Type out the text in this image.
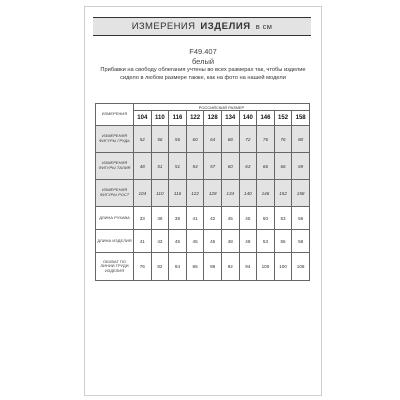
ИЗМЕРЕНИЯ ИЗДЕЛИЯ в см
F49.407
белый
Прибавки на свободу облегания учтены во всех размерах так, чтобы изделие сидело в любом размере также, как на фото на нашей модели
ИЗМЕРЕНИЯ	РОССИЙСКИЙ РАЗМЕР									
	104	110	116	122	128	134	140	146	152	158
ИЗМЕРЕНИЯ ФИГУРЫ ГРУДЬ	52	56	56	60	64	68	72	76	76	80
ИЗМЕРЕНИЯ ФИГУРЫ ТАЛИЯ	48	51	51	54	57	60	63	66	66	69
ИЗМЕРЕНИЯ ФИГУРЫ РОСТ	104	110	116	122	128	134	140	146	152	158
ДЛИНА РУКАВА	33	36	38	41	42	45	45	50	53	56
ДЛИНА ИЗДЕЛИЯ	41	43	45	45	45	48	48	53	55	58
ОБХВАТ ПО ЛИНИИ ГРУДИ ИЗДЕЛИЯ	76	82	84	86	88	92	94	100	100	108
